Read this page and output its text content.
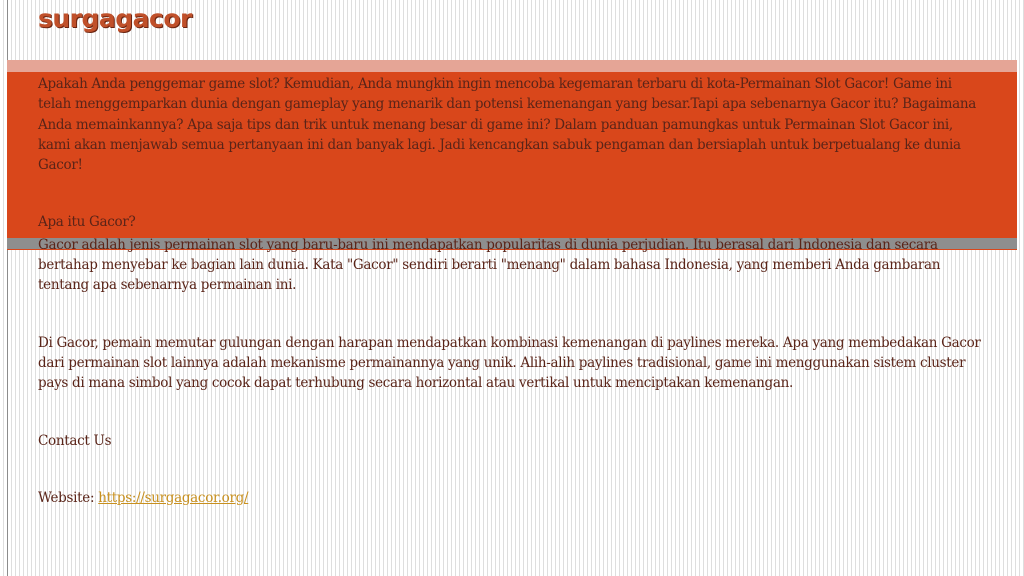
surgagacor

Apakah Anda penggemar game slot? Kemudian, Anda mungkin ingin mencoba kegemaran terbaru di kota-Permainan Slot Gacor! Game ini telah menggemparkan dunia dengan gameplay yang menarik dan potensi kemenangan yang besar.Tapi apa sebenarnya Gacor itu? Bagaimana Anda memainkannya? Apa saja tips dan trik untuk menang besar di game ini? Dalam panduan pamungkas untuk Permainan Slot Gacor ini, kami akan menjawab semua pertanyaan ini dan banyak lagi. Jadi kencangkan sabuk pengaman dan bersiaplah untuk berpetualang ke dunia Gacor!

Apa itu Gacor?

Gacor adalah jenis permainan slot yang baru-baru ini mendapatkan popularitas di dunia perjudian. Itu berasal dari Indonesia dan secara bertahap menyebar ke bagian lain dunia. Kata "Gacor" sendiri berarti "menang" dalam bahasa Indonesia, yang memberi Anda gambaran tentang apa sebenarnya permainan ini.

Di Gacor, pemain memutar gulungan dengan harapan mendapatkan kombinasi kemenangan di paylines mereka. Apa yang membedakan Gacor dari permainan slot lainnya adalah mekanisme permainannya yang unik. Alih-alih paylines tradisional, game ini menggunakan sistem cluster pays di mana simbol yang cocok dapat terhubung secara horizontal atau vertikal untuk menciptakan kemenangan.

Contact Us

Website: https://surgagacor.org/
